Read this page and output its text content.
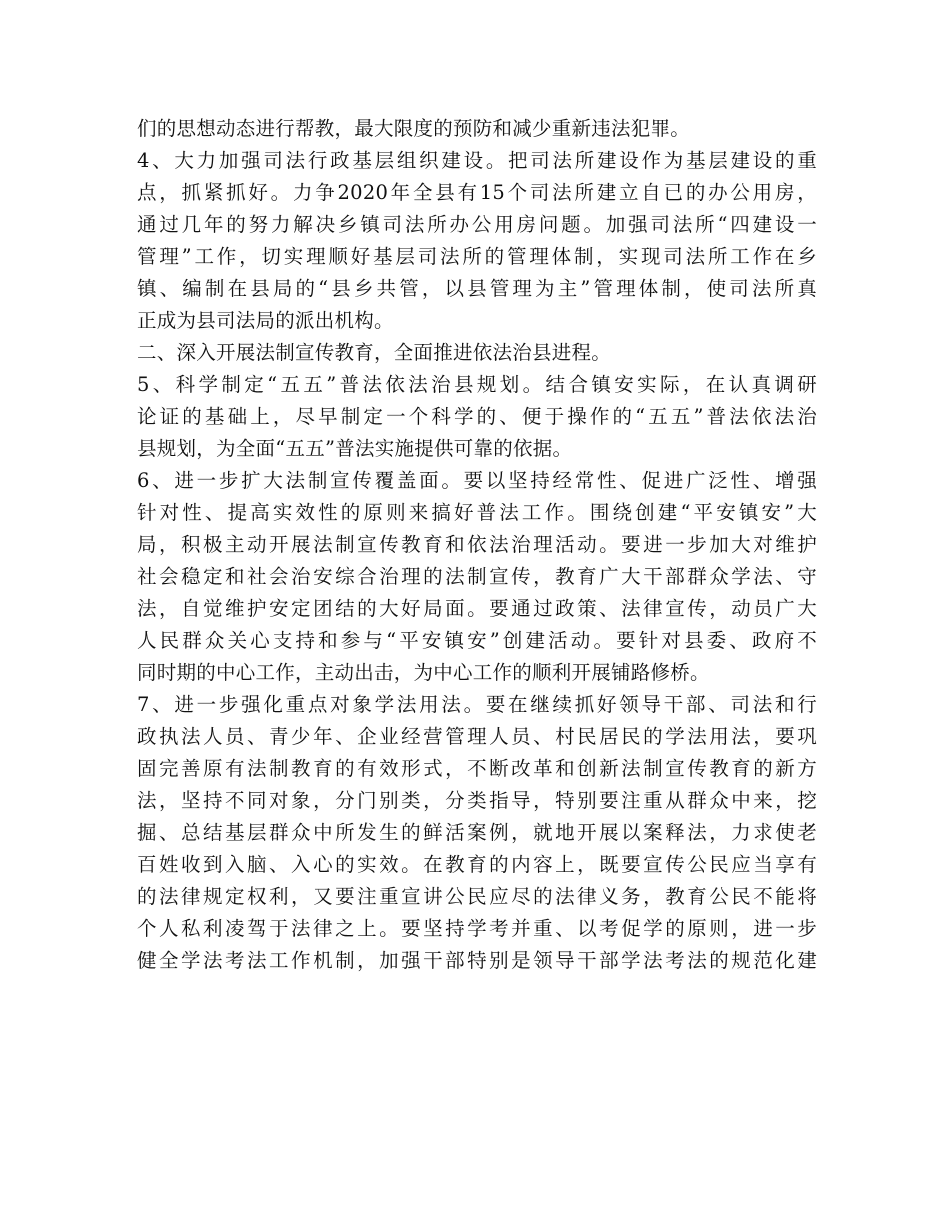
们的思想动态进行帮教，最大限度的预防和减少重新违法犯罪。
4、大力加强司法行政基层组织建设。把司法所建设作为基层建设的重
点，抓紧抓好。力争2020年全县有15个司法所建立自已的办公用房，
通过几年的努力解决乡镇司法所办公用房问题。加强司法所“四建设一
管理”工作，切实理顺好基层司法所的管理体制，实现司法所工作在乡
镇、编制在县局的“县乡共管，以县管理为主”管理体制，使司法所真
正成为县司法局的派出机构。
二、深入开展法制宣传教育，全面推进依法治县进程。
5、科学制定“五五”普法依法治县规划。结合镇安实际，在认真调研
论证的基础上，尽早制定一个科学的、便于操作的“五五”普法依法治
县规划，为全面“五五”普法实施提供可靠的依据。
6、进一步扩大法制宣传覆盖面。要以坚持经常性、促进广泛性、增强
针对性、提高实效性的原则来搞好普法工作。围绕创建“平安镇安”大
局，积极主动开展法制宣传教育和依法治理活动。要进一步加大对维护
社会稳定和社会治安综合治理的法制宣传，教育广大干部群众学法、守
法，自觉维护安定团结的大好局面。要通过政策、法律宣传，动员广大
人民群众关心支持和参与“平安镇安”创建活动。要针对县委、政府不
同时期的中心工作，主动出击，为中心工作的顺利开展铺路修桥。
7、进一步强化重点对象学法用法。要在继续抓好领导干部、司法和行
政执法人员、青少年、企业经营管理人员、村民居民的学法用法，要巩
固完善原有法制教育的有效形式，不断改革和创新法制宣传教育的新方
法，坚持不同对象，分门别类，分类指导，特别要注重从群众中来，挖
掘、总结基层群众中所发生的鲜活案例，就地开展以案释法，力求使老
百姓收到入脑、入心的实效。在教育的内容上，既要宣传公民应当享有
的法律规定权利，又要注重宣讲公民应尽的法律义务，教育公民不能将
个人私利凌驾于法律之上。要坚持学考并重、以考促学的原则，进一步
健全学法考法工作机制，加强干部特别是领导干部学法考法的规范化建
